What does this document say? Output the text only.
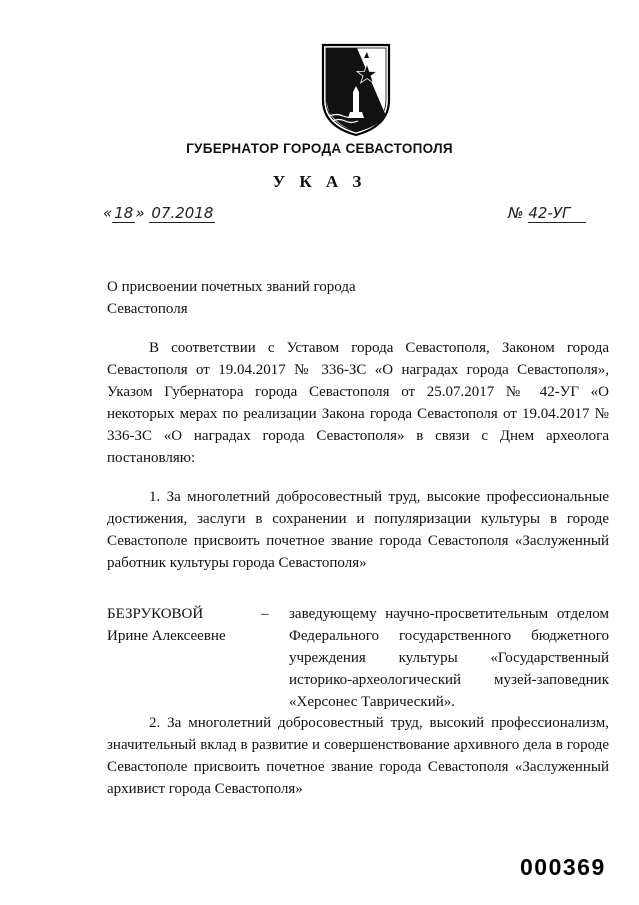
ГУБЕРНАТОР ГОРОДА СЕВАСТОПОЛЯ
У К А З
« 18 » 07.2018	№ 42-УГ
О присвоении почетных званий города Севастополя
В соответствии с Уставом города Севастополя, Законом города Севастополя от 19.04.2017 № 336-ЗС «О наградах города Севастополя», Указом Губернатора города Севастополя от 25.07.2017 № 42-УГ «О некоторых мерах по реализации Закона города Севастополя от 19.04.2017 № 336-ЗС «О наградах города Севастополя» в связи с Днем археолога постановляю:
1. За многолетний добросовестный труд, высокие профессиональные достижения, заслуги в сохранении и популяризации культуры в городе Севастополе присвоить почетное звание города Севастополя «Заслуженный работник культуры города Севастополя»
БЕЗРУКОВОЙ
Ирине Алексеевне
– заведующему научно-просветительным отделом Федерального государственного бюджетного учреждения культуры «Государственный историко-археологический музей-заповедник «Херсонес Таврический».
2. За многолетний добросовестный труд, высокий профессионализм, значительный вклад в развитие и совершенствование архивного дела в городе Севастополе присвоить почетное звание города Севастополя «Заслуженный архивист города Севастополя»
000369
